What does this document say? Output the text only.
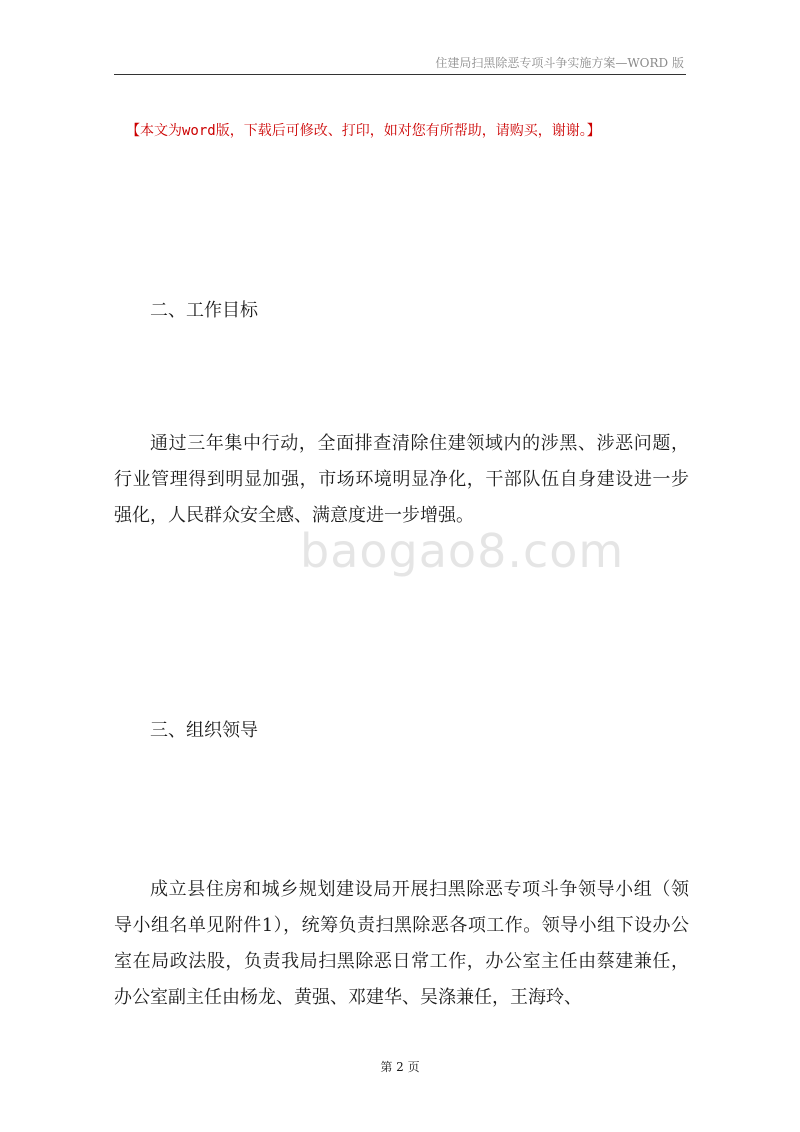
住建局扫黑除恶专项斗争实施方案—WORD 版
【本文为word版，下载后可修改、打印，如对您有所帮助，请购买，谢谢。】
二、工作目标
通过三年集中行动，全面排查清除住建领域内的涉黑、涉恶问题，行业管理得到明显加强，市场环境明显净化，干部队伍自身建设进一步强化，人民群众安全感、满意度进一步增强。
baogao8.com
三、组织领导
成立县住房和城乡规划建设局开展扫黑除恶专项斗争领导小组（领导小组名单见附件1），统筹负责扫黑除恶各项工作。领导小组下设办公室在局政法股，负责我局扫黑除恶日常工作，办公室主任由蔡建兼任，办公室副主任由杨龙、黄强、邓建华、吴涤兼任，王海玲、
第 2 页
